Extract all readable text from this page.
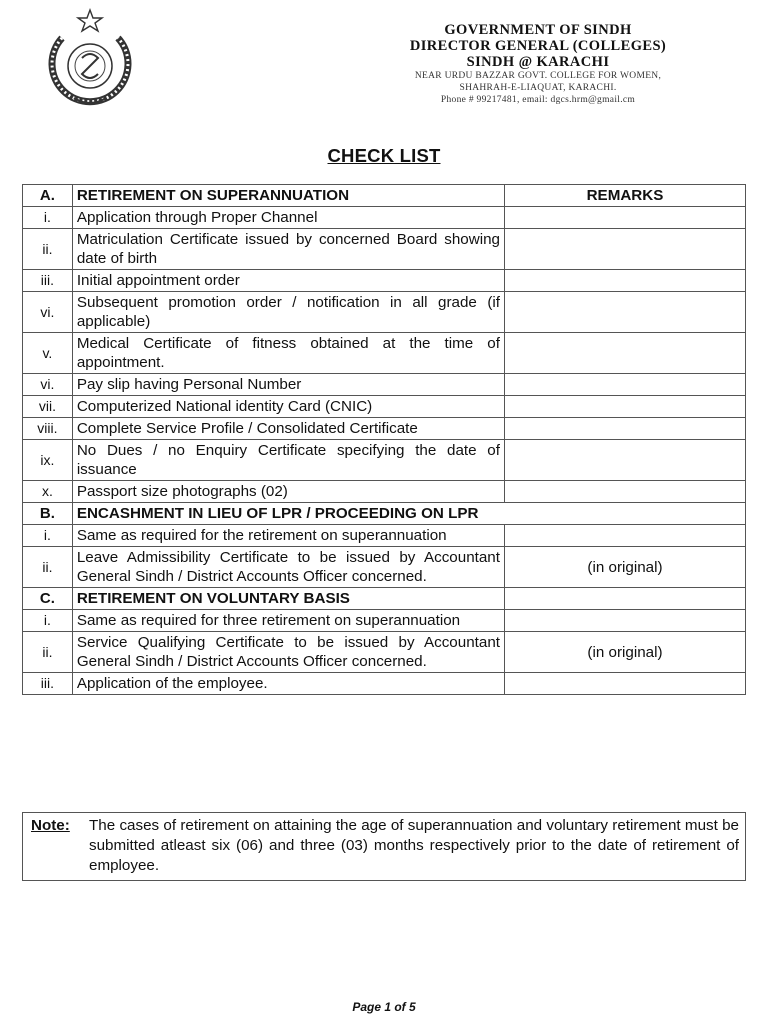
GOVERNMENT OF SINDH
DIRECTOR GENERAL (COLLEGES)
SINDH @ KARACHI
NEAR URDU BAZZAR GOVT. COLLEGE FOR WOMEN,
SHAHRAH-E-LIAQUAT, KARACHI.
Phone # 99217481, email: dgcs.hrm@gmail.cm
CHECK LIST
A.	RETIREMENT ON SUPERANNUATION	REMARKS
i.	Application through Proper Channel	
ii.	Matriculation Certificate issued by concerned Board showing date of birth	
iii.	Initial appointment order	
vi.	Subsequent promotion order / notification in all grade (if applicable)	
v.	Medical Certificate of fitness obtained at the time of appointment.	
vi.	Pay slip having Personal Number	
vii.	Computerized National identity Card (CNIC)	
viii.	Complete Service Profile / Consolidated Certificate	
ix.	No Dues / no Enquiry Certificate specifying the date of issuance	
x.	Passport size photographs (02)	
B.	ENCASHMENT IN LIEU OF LPR / PROCEEDING ON LPR	
i.	Same as required for the retirement on superannuation	
ii.	Leave Admissibility Certificate to be issued by Accountant General Sindh / District Accounts Officer concerned.	(in original)
C.	RETIREMENT ON VOLUNTARY BASIS	
i.	Same as required for three retirement on superannuation	
ii.	Service Qualifying Certificate to be issued by Accountant General Sindh / District Accounts Officer concerned.	(in original)
iii.	Application of the employee.	
Note:	The cases of retirement on attaining the age of superannuation and voluntary retirement must be submitted atleast six (06) and three (03) months respectively prior to the date of retirement of employee.
Page 1 of 5
